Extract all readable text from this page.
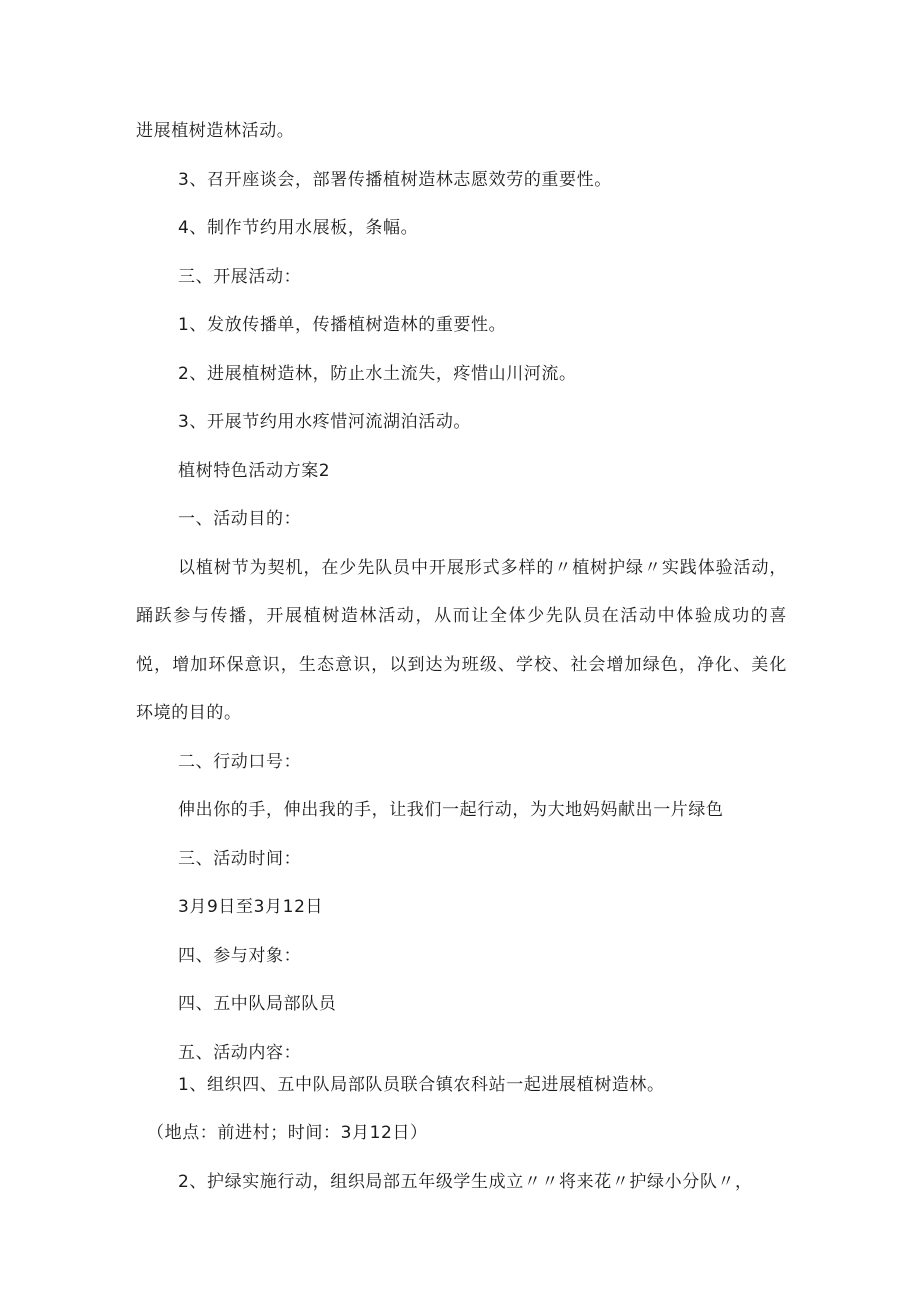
进展植树造林活动。
3、召开座谈会，部署传播植树造林志愿效劳的重要性。
4、制作节约用水展板，条幅。
三、开展活动：
1、发放传播单，传播植树造林的重要性。
2、进展植树造林，防止水土流失，疼惜山川河流。
3、开展节约用水疼惜河流湖泊活动。
植树特色活动方案2
一、活动目的：
以植树节为契机，在少先队员中开展形式多样的〃植树护绿〃实践体验活动，
踊跃参与传播，开展植树造林活动，从而让全体少先队员在活动中体验成功的喜
悦，增加环保意识，生态意识，以到达为班级、学校、社会增加绿色，净化、美化
环境的目的。
二、行动口号：
伸出你的手，伸出我的手，让我们一起行动，为大地妈妈献出一片绿色
三、活动时间：
3月9日至3月12日
四、参与对象：
四、五中队局部队员
五、活动内容：
1、组织四、五中队局部队员联合镇农科站一起进展植树造林。
（地点：前进村；时间：3月12日）
2、护绿实施行动，组织局部五年级学生成立〃〃将来花〃护绿小分队〃，
